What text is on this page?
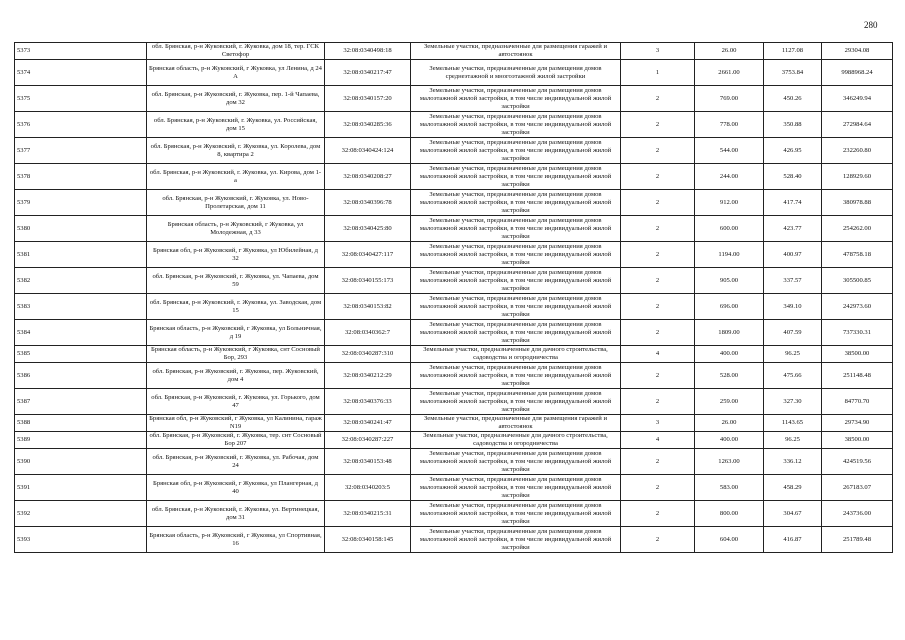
280
5373	обл. Брянская, р-н Жуковский, г. Жуковка, дом 18, тер. ГСК Светофор	32:08:0340498:18	Земельные участки, предназначенные для размещения гаражей и автостоянок	3	26.00	1127.08	29304.08
5374	Брянская область, р-н Жуковский, г Жуковка, ул Ленина, д 24 А	32:08:0340217:47	Земельные участки, предназначенные для размещения домов среднеэтажной и многоэтажной жилой застройки	1	2661.00	3753.84	9988968.24
5375	обл. Брянская, р-н Жуковский, г. Жуковка, пер. 1-й Чапаева, дом 32	32:08:0340157:20	Земельные участки, предназначенные для размещения домов малоэтажной жилой застройки, в том числе индивидуальной жилой застройки	2	769.00	450.26	346249.94
5376	обл. Брянская, р-н Жуковский, г. Жуковка, ул. Российская, дом 15	32:08:0340285:36	Земельные участки, предназначенные для размещения домов малоэтажной жилой застройки, в том числе индивидуальной жилой застройки	2	778.00	350.88	272984.64
5377	обл. Брянская, р-н Жуковский, г. Жуковка, ул. Королева, дом 8, квартира 2	32:08:0340424:124	Земельные участки, предназначенные для размещения домов малоэтажной жилой застройки, в том числе индивидуальной жилой застройки	2	544.00	426.95	232260.80
5378	обл. Брянская, р-н Жуковский, г. Жуковка, ул. Кирова, дом 1-а	32:08:0340208:27	Земельные участки, предназначенные для размещения домов малоэтажной жилой застройки, в том числе индивидуальной жилой застройки	2	244.00	528.40	128929.60
5379	обл. Брянская, р-н Жуковский, г. Жуковка, ул. Ново-Пролетарская, дом 11	32:08:0340396:78	Земельные участки, предназначенные для размещения домов малоэтажной жилой застройки, в том числе индивидуальной жилой застройки	2	912.00	417.74	380978.88
5380	Брянская область, р-н Жуковский, г Жуковка, ул Молодежная, д 33	32:08:0340425:80	Земельные участки, предназначенные для размещения домов малоэтажной жилой застройки, в том числе индивидуальной жилой застройки	2	600.00	423.77	254262.00
5381	Брянская обл, р-н Жуковский, г Жуковка, ул Юбилейная, д 32	32:08:0340427:117	Земельные участки, предназначенные для размещения домов малоэтажной жилой застройки, в том числе индивидуальной жилой застройки	2	1194.00	400.97	478758.18
5382	обл. Брянская, р-н Жуковский, г. Жуковка, ул. Чапаева, дом 59	32:08:0340155:173	Земельные участки, предназначенные для размещения домов малоэтажной жилой застройки, в том числе индивидуальной жилой застройки	2	905.00	337.57	305500.85
5383	обл. Брянская, р-н Жуковский, г. Жуковка, ул. Заводская, дом 15	32:08:0340153:82	Земельные участки, предназначенные для размещения домов малоэтажной жилой застройки, в том числе индивидуальной жилой застройки	2	696.00	349.10	242973.60
5384	Брянская область, р-н Жуковский, г Жуковка, ул Больничная, д 19	32:08:0340362:7	Земельные участки, предназначенные для размещения домов малоэтажной жилой застройки, в том числе индивидуальной жилой застройки	2	1809.00	407.59	737330.31
5385	Брянская область, р-н Жуковский, г Жуковка, снт Сосновый Бор, 293	32:08:0340287:310	Земельные участки, предназначенные для дачного строительства, садоводства и огородничества	4	400.00	96.25	38500.00
5386	обл. Брянская, р-н Жуковский, г. Жуковка, пер. Жуковский, дом 4	32:08:0340212:29	Земельные участки, предназначенные для размещения домов малоэтажной жилой застройки, в том числе индивидуальной жилой застройки	2	528.00	475.66	251148.48
5387	обл. Брянская, р-н Жуковский, г. Жуковка, ул. Горького, дом 47	32:08:0340376:33	Земельные участки, предназначенные для размещения домов малоэтажной жилой застройки, в том числе индивидуальной жилой застройки	2	259.00	327.30	84770.70
5388	Брянская обл, р-н Жуковский, г Жуковка, ул Калинина, гараж N19	32:08:0340241:47	Земельные участки, предназначенные для размещения гаражей и автостоянок	3	26.00	1143.65	29734.90
5389	обл. Брянская, р-н Жуковский, г. Жуковка, тер. снт Сосновый Бор 207	32:08:0340287:227	Земельные участки, предназначенные для дачного строительства, садоводства и огородничества	4	400.00	96.25	38500.00
5390	обл. Брянская, р-н Жуковский, г. Жуковка, ул. Рабочая, дом 24	32:08:0340153:48	Земельные участки, предназначенные для размещения домов малоэтажной жилой застройки, в том числе индивидуальной жилой застройки	2	1263.00	336.12	424519.56
5391	Брянская обл, р-н Жуковский, г Жуковка, ул Плангерная, д 40	32:08:0340203:5	Земельные участки, предназначенные для размещения домов малоэтажной жилой застройки, в том числе индивидуальной жилой застройки	2	583.00	458.29	267183.07
5392	обл. Брянская, р-н Жуковский, г. Жуковка, ул. Вертинецкая, дом 31	32:08:0340215:31	Земельные участки, предназначенные для размещения домов малоэтажной жилой застройки, в том числе индивидуальной жилой застройки	2	800.00	304.67	243736.00
5393	Брянская область, р-н Жуковский, г Жуковка, ул Спортивная, 16	32:08:0340158:145	Земельные участки, предназначенные для размещения домов малоэтажной жилой застройки, в том числе индивидуальной жилой застройки	2	604.00	416.87	251789.48
